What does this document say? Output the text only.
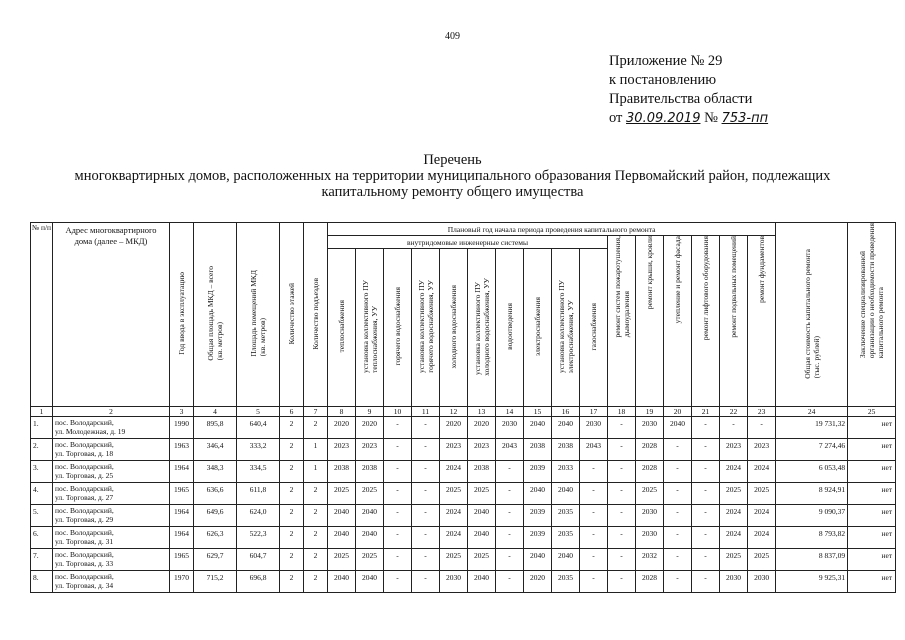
409
Приложение № 29
к постановлению
Правительства области
от 30.09.2019 № 753-пп
Перечень
многоквартирных домов, расположенных на территории муниципального образования Первомайский район, подлежащих
капитальному ремонту общего имущества
№ п/п	Адрес многоквартирного дома (далее – МКД)	Год ввода в эксплуатацию	Общая площадь МКД – всего(кв. метров)	Площадь помещений МКД(кв. метров)	Количество этажей	Количество подъездов	Плановый год начала периода проведения капитального ремонта																Общая стоимость капитального ремонта(тыс. рублей)	Заключение специализированнойорганизации о необходимости проведениякапитального ремонта
							внутридомовые инженерные системы										ремонт систем пожаротушения,дымоудаления	ремонт крыши, кровли	утепление и ремонт фасада	ремонт лифтового оборудования	ремонт подвальных помещений	ремонт фундаментов		
							теплоснабжения	установка коллективного ПУтеплоснабжения, УУ	горячего водоснабжения	установка коллективного ПУгорячего водоснабжения, УУ	холодного водоснабжения	установка коллективного ПУхолодного водоснабжения, УУ	водоотведения	электроснабжения	установка коллективного ПУэлектроснабжения, УУ	газоснабжения								
1	2	3	4	5	6	7	8	9	10	11	12	13	14	15	16	17	18	19	20	21	22	23	24	25
1.	пос. Володарский,
ул. Молодежная, д. 19	1990	895,8	640,4	2	2	2020	2020	-	-	2020	2020	2030	2040	2040	2030	-	2030	2040	-	-	-	19 731,32	нет
2.	пос. Володарский,
ул. Торговая, д. 18	1963	346,4	333,2	2	1	2023	2023	-	-	2023	2023	2043	2038	2038	2043	-	2028	-	-	2023	2023	7 274,46	нет
3.	пос. Володарский,
ул. Торговая, д. 25	1964	348,3	334,5	2	1	2038	2038	-	-	2024	2038	-	2039	2033	-	-	2028	-	-	2024	2024	6 053,48	нет
4.	пос. Володарский,
ул. Торговая, д. 27	1965	636,6	611,8	2	2	2025	2025	-	-	2025	2025	-	2040	2040	-	-	2025	-	-	2025	2025	8 924,91	нет
5.	пос. Володарский,
ул. Торговая, д. 29	1964	649,6	624,0	2	2	2040	2040	-	-	2024	2040	-	2039	2035	-	-	2030	-	-	2024	2024	9 090,37	нет
6.	пос. Володарский,
ул. Торговая, д. 31	1964	626,3	522,3	2	2	2040	2040	-	-	2024	2040	-	2039	2035	-	-	2030	-	-	2024	2024	8 793,82	нет
7.	пос. Володарский,
ул. Торговая, д. 33	1965	629,7	604,7	2	2	2025	2025	-	-	2025	2025	-	2040	2040	-	-	2032	-	-	2025	2025	8 837,09	нет
8.	пос. Володарский,
ул. Торговая, д. 34	1970	715,2	696,8	2	2	2040	2040	-	-	2030	2040	-	2020	2035	-	-	2028	-	-	2030	2030	9 925,31	нет
